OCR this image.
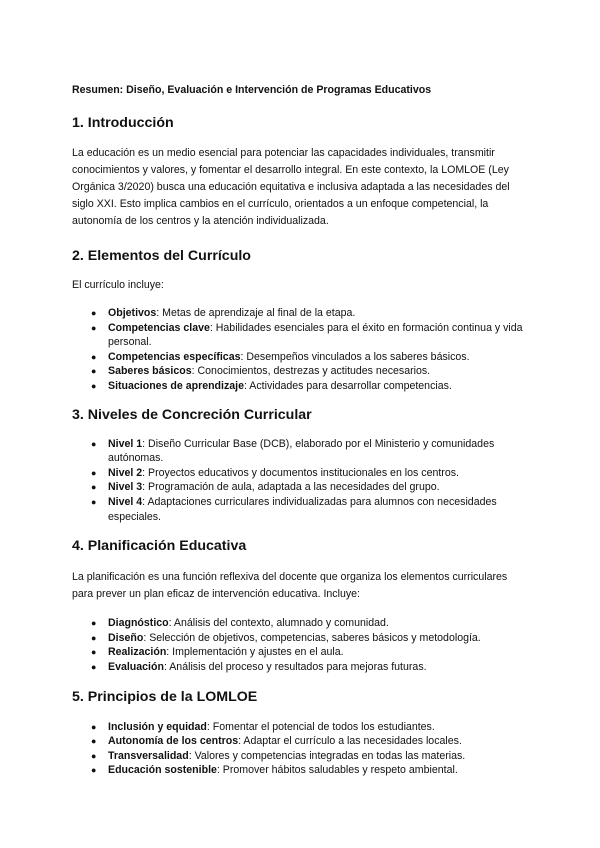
Resumen: Diseño, Evaluación e Intervención de Programas Educativos

1. Introducción

La educación es un medio esencial para potenciar las capacidades individuales, transmitir conocimientos y valores, y fomentar el desarrollo integral. En este contexto, la LOMLOE (Ley Orgánica 3/2020) busca una educación equitativa e inclusiva adaptada a las necesidades del siglo XXI. Esto implica cambios en el currículo, orientados a un enfoque competencial, la autonomía de los centros y la atención individualizada.

2. Elementos del Currículo

El currículo incluye:

● Objetivos: Metas de aprendizaje al final de la etapa.
● Competencias clave: Habilidades esenciales para el éxito en formación continua y vida personal.
● Competencias específicas: Desempeños vinculados a los saberes básicos.
● Saberes básicos: Conocimientos, destrezas y actitudes necesarios.
● Situaciones de aprendizaje: Actividades para desarrollar competencias.
3. Niveles de Concreción Curricular
● Nivel 1: Diseño Curricular Base (DCB), elaborado por el Ministerio y comunidades autónomas.
● Nivel 2: Proyectos educativos y documentos institucionales en los centros.
● Nivel 3: Programación de aula, adaptada a las necesidades del grupo.
● Nivel 4: Adaptaciones curriculares individualizadas para alumnos con necesidades especiales.
4. Planificación Educativa

La planificación es una función reflexiva del docente que organiza los elementos curriculares para prever un plan eficaz de intervención educativa. Incluye:

● Diagnóstico: Análisis del contexto, alumnado y comunidad.
● Diseño: Selección de objetivos, competencias, saberes básicos y metodología.
● Realización: Implementación y ajustes en el aula.
● Evaluación: Análisis del proceso y resultados para mejoras futuras.
5. Principios de la LOMLOE
● Inclusión y equidad: Fomentar el potencial de todos los estudiantes.
● Autonomía de los centros: Adaptar el currículo a las necesidades locales.
● Transversalidad: Valores y competencias integradas en todas las materias.
● Educación sostenible: Promover hábitos saludables y respeto ambiental.
